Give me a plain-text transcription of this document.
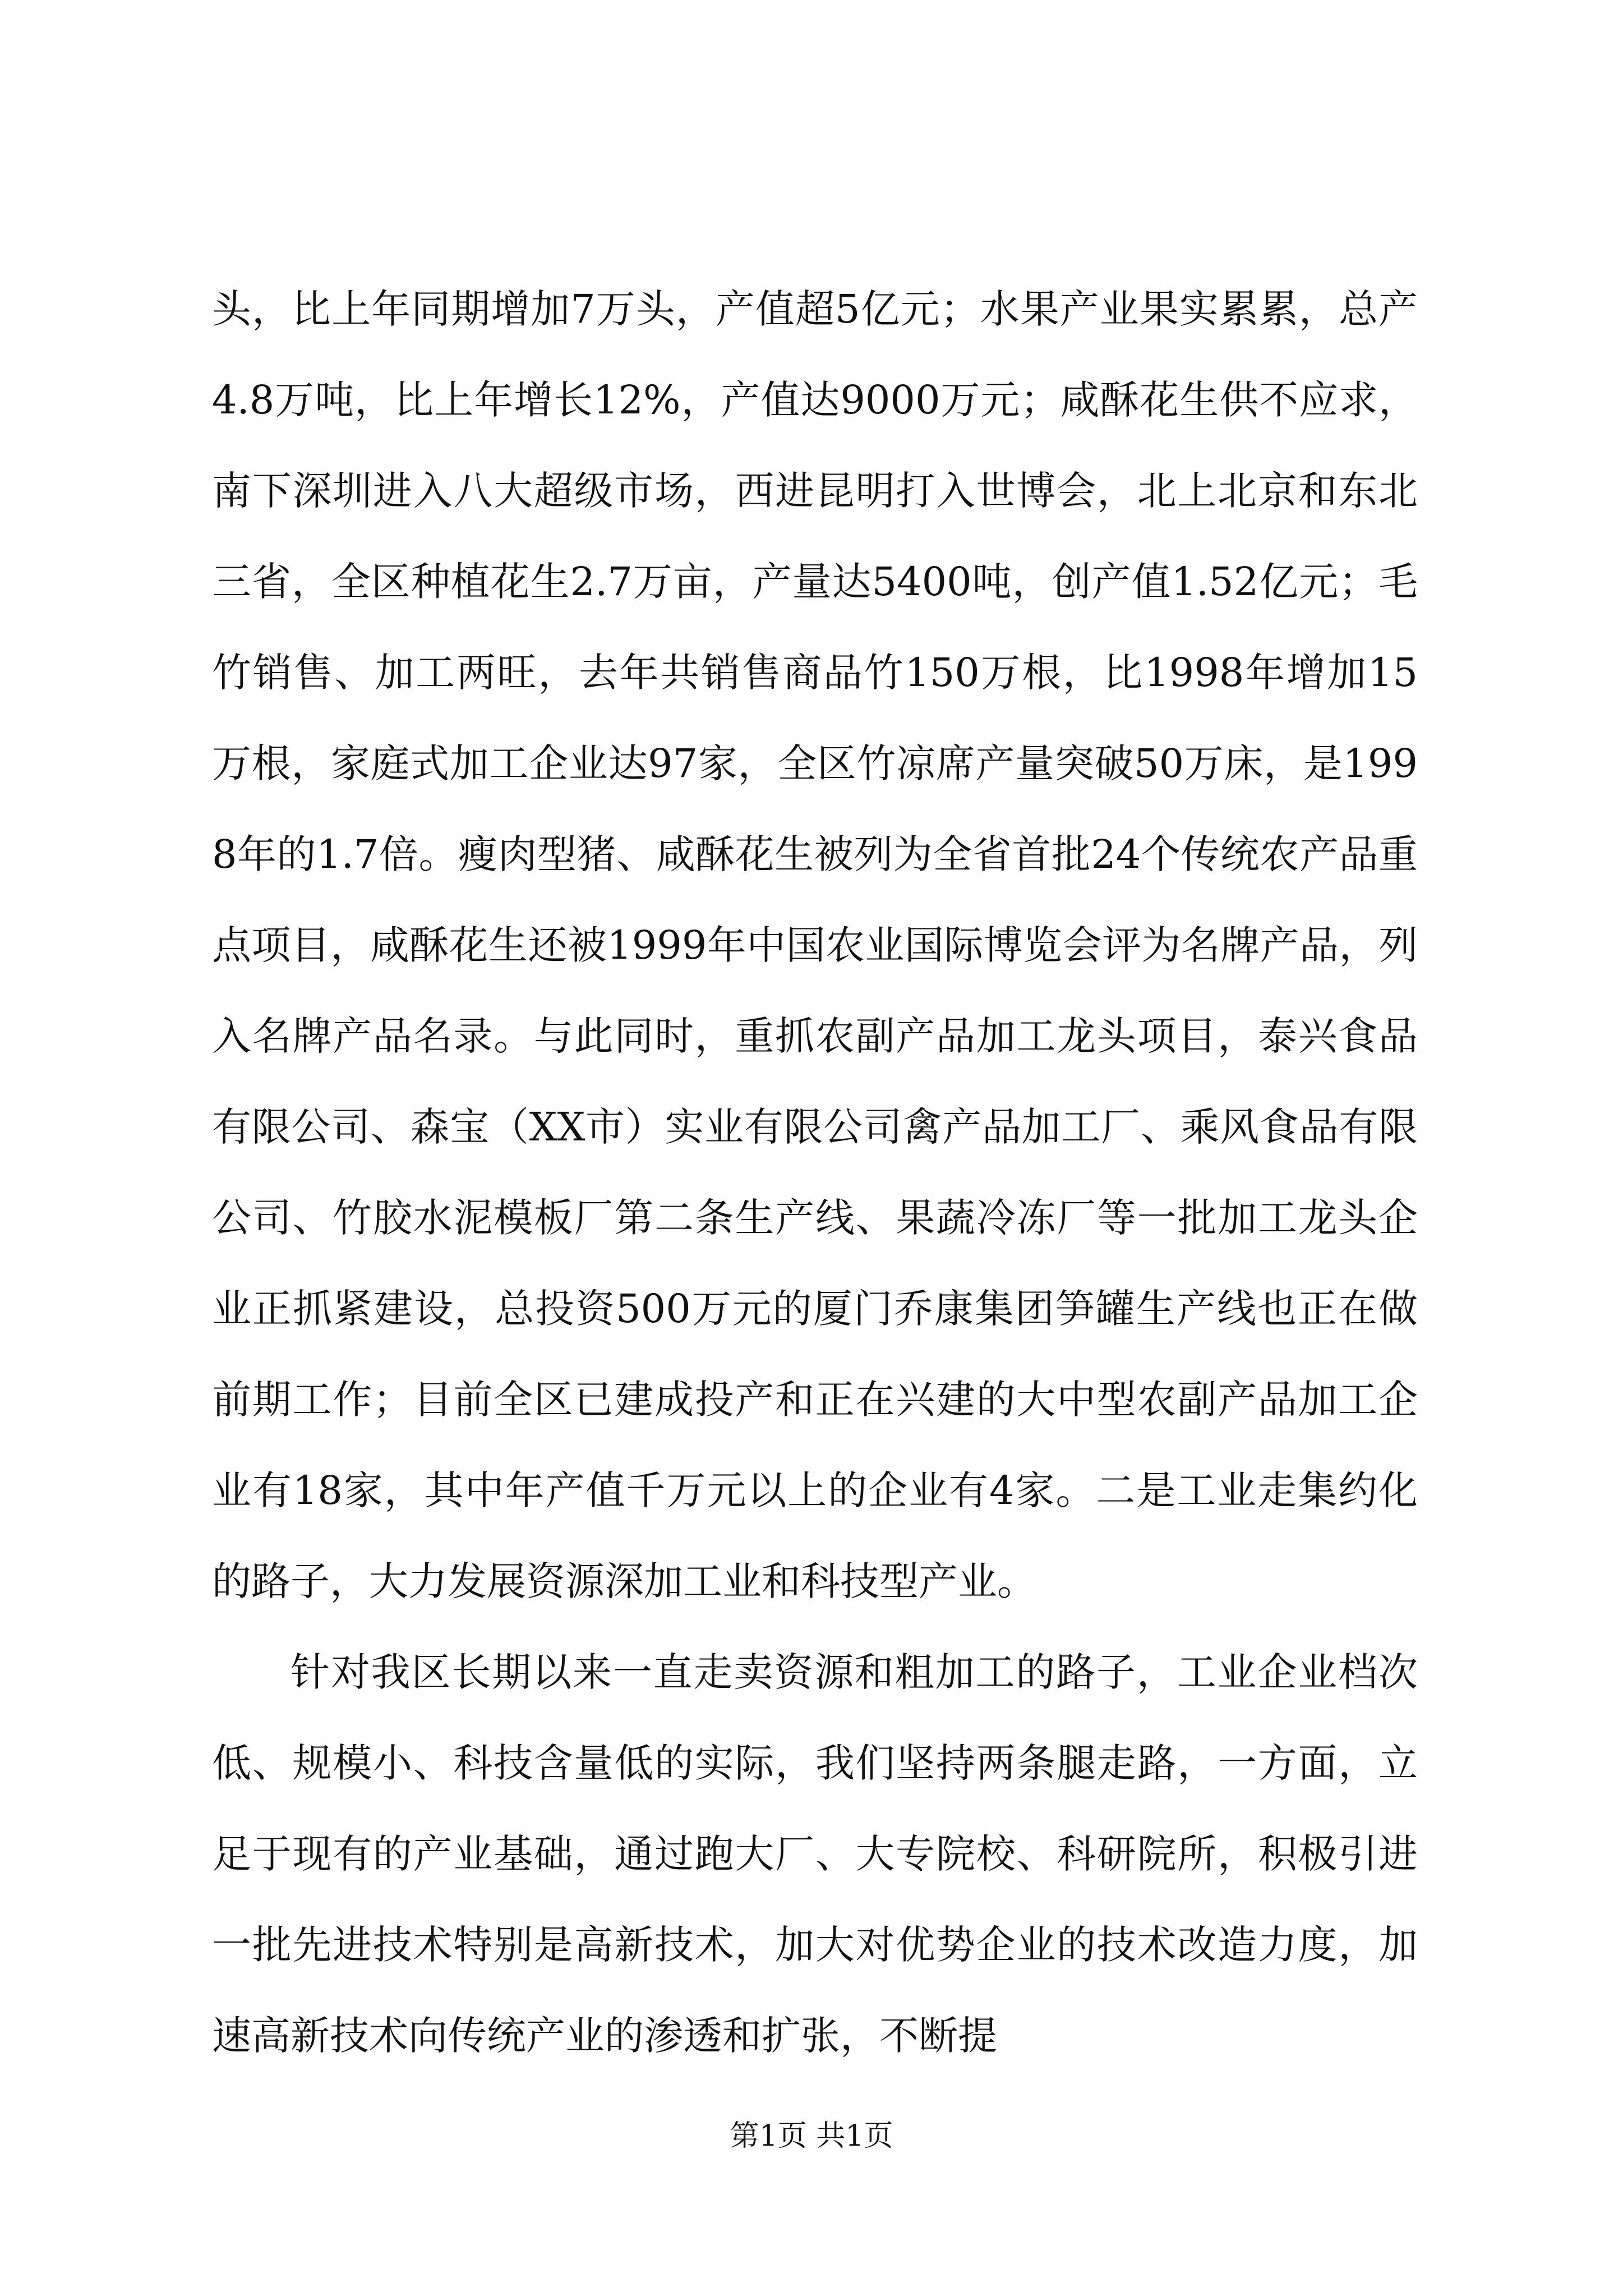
头，比上年同期增加7万头，产值超5亿元；水果产业果实累累，总产4.8万吨，比上年增长12%，产值达9000万元；咸酥花生供不应求，南下深圳进入八大超级市场，西进昆明打入世博会，北上北京和东北三省，全区种植花生2.7万亩，产量达5400吨，创产值1.52亿元；毛竹销售、加工两旺，去年共销售商品竹150万根，比1998年增加15万根，家庭式加工企业达97家，全区竹凉席产量突破50万床，是1998年的1.7倍。瘦肉型猪、咸酥花生被列为全省首批24个传统农产品重点项目，咸酥花生还被1999年中国农业国际博览会评为名牌产品，列入名牌产品名录。与此同时，重抓农副产品加工龙头项目，泰兴食品有限公司、森宝（XX市）实业有限公司禽产品加工厂、乘风食品有限公司、竹胶水泥模板厂第二条生产线、果蔬冷冻厂等一批加工龙头企业正抓紧建设，总投资500万元的厦门乔康集团笋罐生产线也正在做前期工作；目前全区已建成投产和正在兴建的大中型农副产品加工企业有18家，其中年产值千万元以上的企业有4家。二是工业走集约化的路子，大力发展资源深加工业和科技型产业。

针对我区长期以来一直走卖资源和粗加工的路子，工业企业档次低、规模小、科技含量低的实际，我们坚持两条腿走路，一方面，立足于现有的产业基础，通过跑大厂、大专院校、科研院所，积极引进一批先进技术特别是高新技术，加大对优势企业的技术改造力度，加速高新技术向传统产业的渗透和扩张，不断提

第1页 共1页
